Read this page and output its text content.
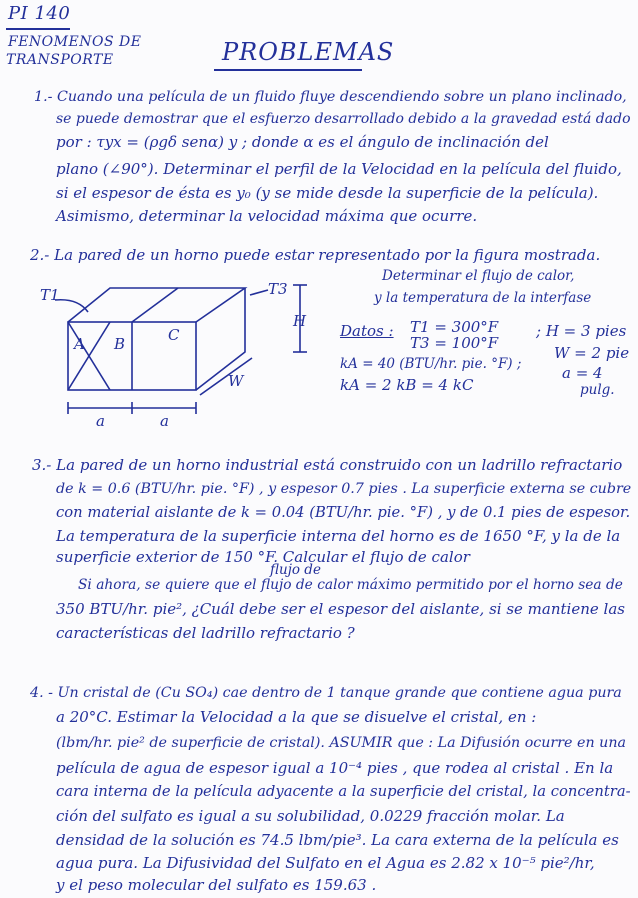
PI 140
FENOMENOS DE
TRANSPORTE	PROBLEMAS
1.- Cuando una película de un fluido fluye descendiendo sobre un plano inclinado,
se puede demostrar que el esfuerzo desarrollado debido a la gravedad está dado
por : τyx = (ρgδ senα) y ; donde α es el ángulo de inclinación del
plano (∠90°). Determinar el perfil de la Velocidad en la película del fluido,
si el espesor de ésta es y₀ (y se mide desde la superficie de la película).
Asimismo, determinar la velocidad máxima que ocurre.
2.- La pared de un horno puede estar representado por la figura mostrada.
Determinar el flujo de calor,
y la temperatura de la interfase
T1	T3
H
A B	C
W
a	a
Datos : T1 = 300°F
T3 = 100°F
; H = 3 pies
W = 2 pie
kA = 40 (BTU/hr. pie. °F) ;	a = 4
pulg.
kA = 2 kB = 4 kC
3.- La pared de un horno industrial está construido con un ladrillo refractario
de k = 0.6 (BTU/hr. pie. °F) , y espesor 0.7 pies . La superficie externa se cubre
con material aislante de k = 0.04 (BTU/hr. pie. °F) , y de 0.1 pies de espesor.
La temperatura de la superficie interna del horno es de 1650 °F, y la de la
superficie exterior de 150 °F. Calcular el flujo de calor
flujo de
Si ahora, se quiere que el flujo de calor máximo permitido por el horno sea de
350 BTU/hr. pie², ¿Cuál debe ser el espesor del aislante, si se mantiene las
características del ladrillo refractario ?
4. - Un cristal de (Cu SO₄) cae dentro de 1 tanque grande que contiene agua pura
a 20°C. Estimar la Velocidad a la que se disuelve el cristal, en :
(lbm/hr. pie² de superficie de cristal). ASUMIR que : La Difusión ocurre en una
película de agua de espesor igual a 10⁻⁴ pies , que rodea al cristal . En la
cara interna de la película adyacente a la superficie del cristal, la concentra-
ción del sulfato es igual a su solubilidad, 0.0229 fracción molar. La
densidad de la solución es 74.5 lbm/pie³. La cara externa de la película es
agua pura. La Difusividad del Sulfato en el Agua es 2.82 x 10⁻⁵ pie²/hr,
y el peso molecular del sulfato es 159.63 .
